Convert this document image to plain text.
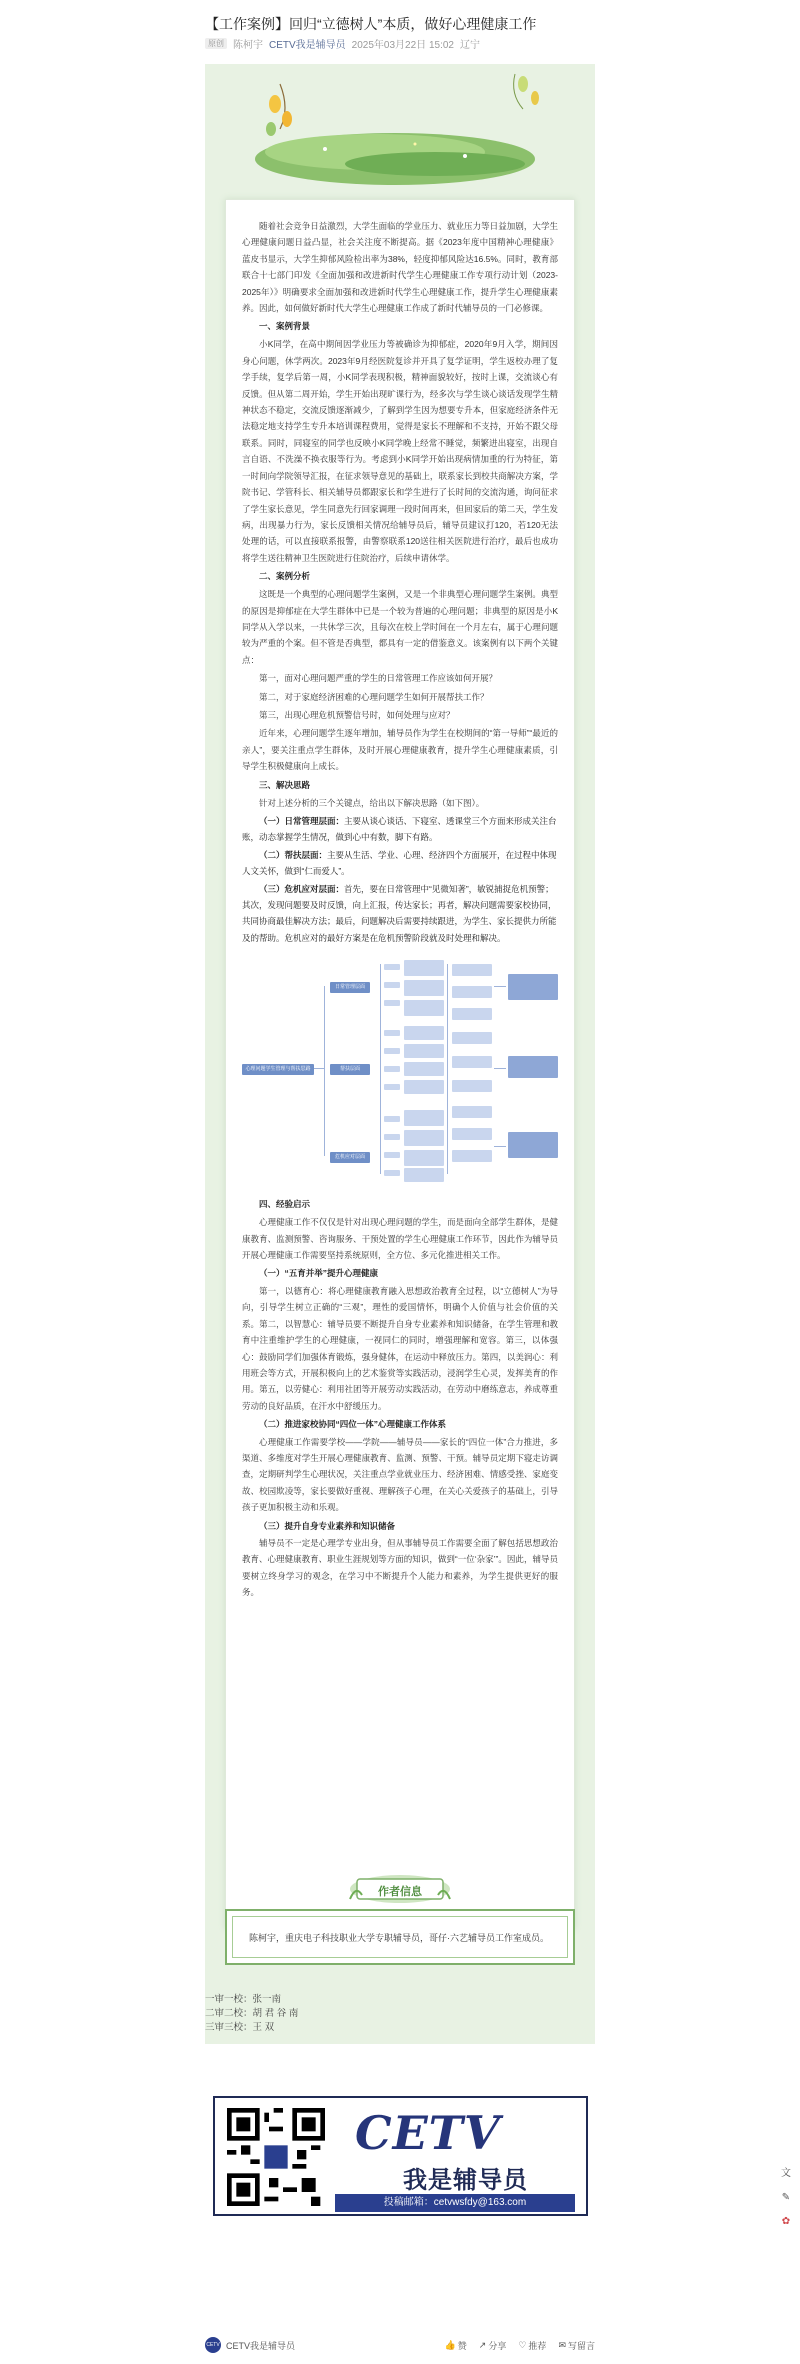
【工作案例】回归“立德树人”本质，做好心理健康工作
原创 陈柯宇 CETV我是辅导员 2025年03月22日 15:02 辽宁

随着社会竞争日益激烈，大学生面临的学业压力、就业压力等日益加剧，大学生心理健康问题日益凸显，社会关注度不断提高。据《2023年度中国精神心理健康》蓝皮书显示，大学生抑郁风险检出率为38%，轻度抑郁风险达16.5%。同时，教育部联合十七部门印发《全面加强和改进新时代学生心理健康工作专项行动计划（2023-2025年）》明确要求全面加强和改进新时代学生心理健康工作，提升学生心理健康素养。因此，如何做好新时代大学生心理健康工作成了新时代辅导员的一门必修课。

一、案例背景

小K同学，在高中期间因学业压力等被确诊为抑郁症，2020年9月入学，期间因身心问题，休学两次。2023年9月经医院复诊并开具了复学证明，学生返校办理了复学手续，复学后第一周，小K同学表现积极，精神面貌较好，按时上课，交流谈心有反馈。但从第二周开始，学生开始出现旷课行为，经多次与学生谈心谈话发现学生精神状态不稳定，交流反馈逐渐减少，了解到学生因为想要专升本，但家庭经济条件无法稳定地支持学生专升本培训课程费用，觉得是家长不理解和不支持，开始不跟父母联系。同时，同寝室的同学也反映小K同学晚上经常不睡觉，频繁进出寝室，出现自言自语、不洗澡不换衣服等行为。考虑到小K同学开始出现病情加重的行为特征，第一时间向学院领导汇报，在征求领导意见的基础上，联系家长到校共商解决方案，学院书记、学管科长、相关辅导员都跟家长和学生进行了长时间的交流沟通，询问征求了学生家长意见，学生同意先行回家调理一段时间再来，但回家后的第二天，学生发病，出现暴力行为，家长反馈相关情况给辅导员后，辅导员建议打120，若120无法处理的话，可以直接联系报警，由警察联系120送往相关医院进行治疗，最后也成功将学生送往精神卫生医院进行住院治疗，后续申请休学。

二、案例分析

这既是一个典型的心理问题学生案例，又是一个非典型心理问题学生案例。典型的原因是抑郁症在大学生群体中已是一个较为普遍的心理问题；非典型的原因是小K同学从入学以来，一共休学三次，且每次在校上学时间在一个月左右，属于心理问题较为严重的个案。但不管是否典型，都具有一定的借鉴意义。该案例有以下两个关键点：

第一，面对心理问题严重的学生的日常管理工作应该如何开展？

第二，对于家庭经济困难的心理问题学生如何开展帮扶工作？

第三，出现心理危机预警信号时，如何处理与应对？

近年来，心理问题学生逐年增加，辅导员作为学生在校期间的“第一导师”“最近的亲人”，要关注重点学生群体，及时开展心理健康教育，提升学生心理健康素质，引导学生积极健康向上成长。

三、解决思路

针对上述分析的三个关键点，给出以下解决思路（如下图）。

（一）日常管理层面：主要从谈心谈话、下寝室、透课堂三个方面来形成关注台账，动态掌握学生情况，做到心中有数，脚下有路。

（二）帮扶层面：主要从生活、学业、心理、经济四个方面展开，在过程中体现人文关怀，做到“仁而爱人”。

（三）危机应对层面：首先，要在日常管理中“见微知著”，敏锐捕捉危机预警；其次，发现问题要及时反馈，向上汇报，传达家长；再者，解决问题需要家校协同，共同协商最佳解决方法；最后，问题解决后需要持续跟进，为学生、家长提供力所能及的帮助。危机应对的最好方案是在危机预警阶段就及时处理和解决。

心理问题学生管理与帮扶思路
日常管理层面
帮扶层面
危机应对层面

四、经验启示

心理健康工作不仅仅是针对出现心理问题的学生，而是面向全部学生群体，是健康教育、监测预警、咨询服务、干预处置的学生心理健康工作环节，因此作为辅导员开展心理健康工作需要坚持系统原则，全方位、多元化推进相关工作。

（一）“五育并举”提升心理健康

第一，以德育心：将心理健康教育融入思想政治教育全过程，以“立德树人”为导向，引导学生树立正确的“三观”，理性的爱国情怀，明确个人价值与社会价值的关系。第二，以智慧心：辅导员要不断提升自身专业素养和知识储备，在学生管理和教育中注重维护学生的心理健康，一视同仁的同时，增强理解和宽容。第三，以体强心：鼓励同学们加强体育锻炼，强身健体，在运动中释放压力。第四，以美润心：利用班会等方式，开展积极向上的艺术鉴赏等实践活动，浸润学生心灵，发挥美育的作用。第五，以劳健心：利用社团等开展劳动实践活动，在劳动中磨练意志，养成尊重劳动的良好品质，在汗水中舒缓压力。

（二）推进家校协同“四位一体”心理健康工作体系

心理健康工作需要学校——学院——辅导员——家长的“四位一体”合力推进，多渠道、多维度对学生开展心理健康教育、监测、预警、干预。辅导员定期下寝走访调查，定期研判学生心理状况，关注重点学业就业压力、经济困难、情感受挫、家庭变故、校园欺凌等，家长要做好重视、理解孩子心理，在关心关爱孩子的基础上，引导孩子更加积极主动和乐观。

（三）提升自身专业素养和知识储备

辅导员不一定是心理学专业出身，但从事辅导员工作需要全面了解包括思想政治教育、心理健康教育、职业生涯规划等方面的知识，做到“一位‘杂家’”。因此，辅导员要树立终身学习的观念，在学习中不断提升个人能力和素养，为学生提供更好的服务。

作者信息
陈柯宇，重庆电子科技职业大学专职辅导员，哥仔·六艺辅导员工作室成员。
一审一校：张一南
二审二校：胡 君 谷 南
三审三校：王 双
CETV
我是辅导员
投稿邮箱：cetvwsfdy@163.com
文
✎
✿
CETV CETV我是辅导员	👍 赞 ↗ 分享 ♡ 推荐 ✉ 写留言
